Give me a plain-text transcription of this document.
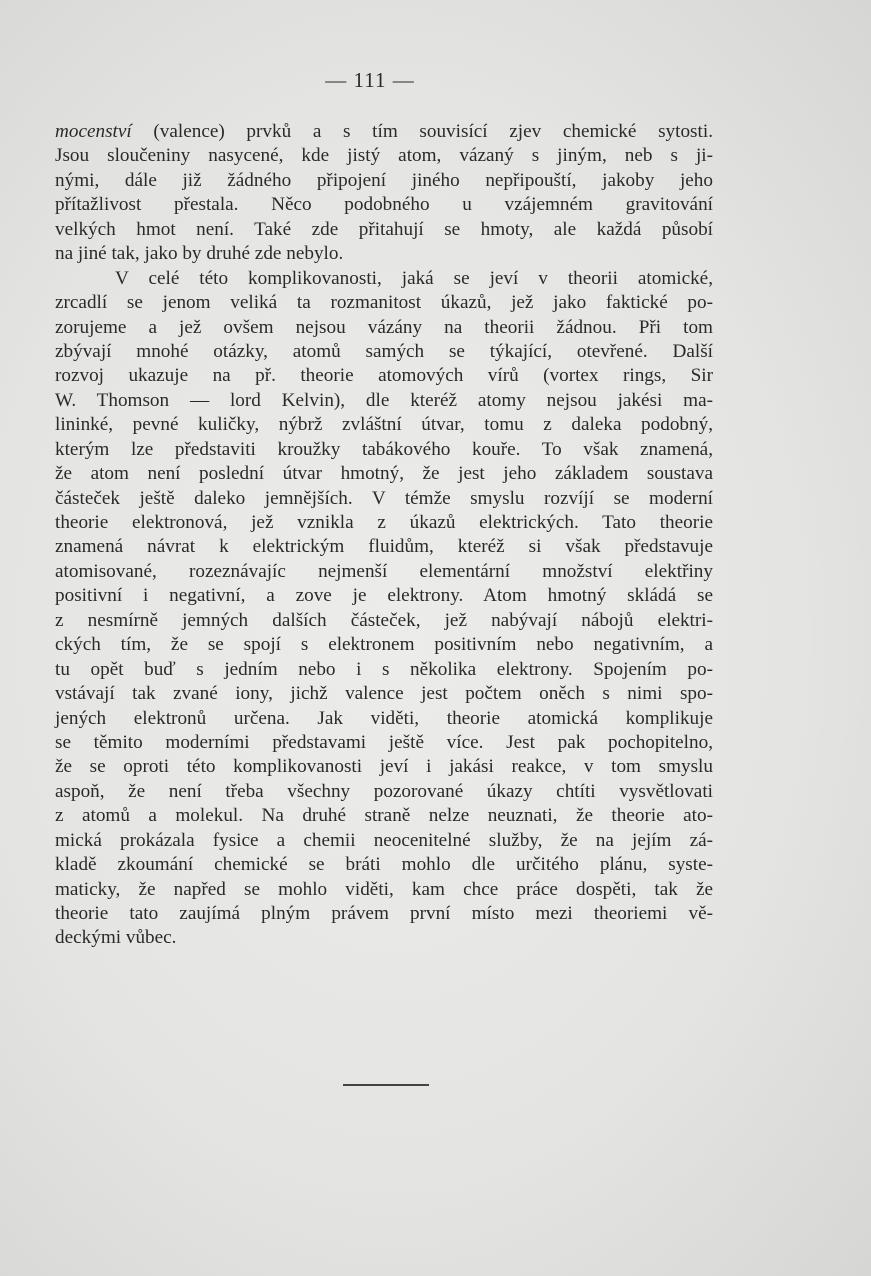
— 111 —
mocenství (valence) prvků a s tím souvisící zjev chemické sytosti.
Jsou sloučeniny nasycené, kde jistý atom, vázaný s jiným, neb s ji-
nými, dále již žádného připojení jiného nepřipouští, jakoby jeho
přítažlivost přestala. Něco podobného u vzájemném gravitování
velkých hmot není. Také zde přitahují se hmoty, ale každá působí
na jiné tak, jako by druhé zde nebylo.
V celé této komplikovanosti, jaká se jeví v theorii atomické,
zrcadlí se jenom veliká ta rozmanitost úkazů, jež jako faktické po-
zorujeme a jež ovšem nejsou vázány na theorii žádnou. Při tom
zbývají mnohé otázky, atomů samých se týkající, otevřené. Další
rozvoj ukazuje na př. theorie atomových vírů (vortex rings, Sir
W. Thomson — lord Kelvin), dle kteréž atomy nejsou jakési ma-
lininké, pevné kuličky, nýbrž zvláštní útvar, tomu z daleka podobný,
kterým lze představiti kroužky tabákového kouře. To však znamená,
že atom není poslední útvar hmotný, že jest jeho základem soustava
částeček ještě daleko jemnějších. V témže smyslu rozvíjí se moderní
theorie elektronová, jež vznikla z úkazů elektrických. Tato theorie
znamená návrat k elektrickým fluidům, kteréž si však představuje
atomisované, rozeznávajíc nejmenší elementární množství elektřiny
positivní i negativní, a zove je elektrony. Atom hmotný skládá se
z nesmírně jemných dalších částeček, jež nabývají nábojů elektri-
ckých tím, že se spojí s elektronem positivním nebo negativním, a
tu opět buď s jedním nebo i s několika elektrony. Spojením po-
vstávají tak zvané iony, jichž valence jest počtem oněch s nimi spo-
jených elektronů určena. Jak viděti, theorie atomická komplikuje
se těmito moderními představami ještě více. Jest pak pochopitelno,
že se oproti této komplikovanosti jeví i jakási reakce, v tom smyslu
aspoň, že není třeba všechny pozorované úkazy chtíti vysvětlovati
z atomů a molekul. Na druhé straně nelze neuznati, že theorie ato-
mická prokázala fysice a chemii neocenitelné služby, že na jejím zá-
kladě zkoumání chemické se bráti mohlo dle určitého plánu, syste-
maticky, že napřed se mohlo viděti, kam chce práce dospěti, tak že
theorie tato zaujímá plným právem první místo mezi theoriemi vě-
deckými vůbec.
